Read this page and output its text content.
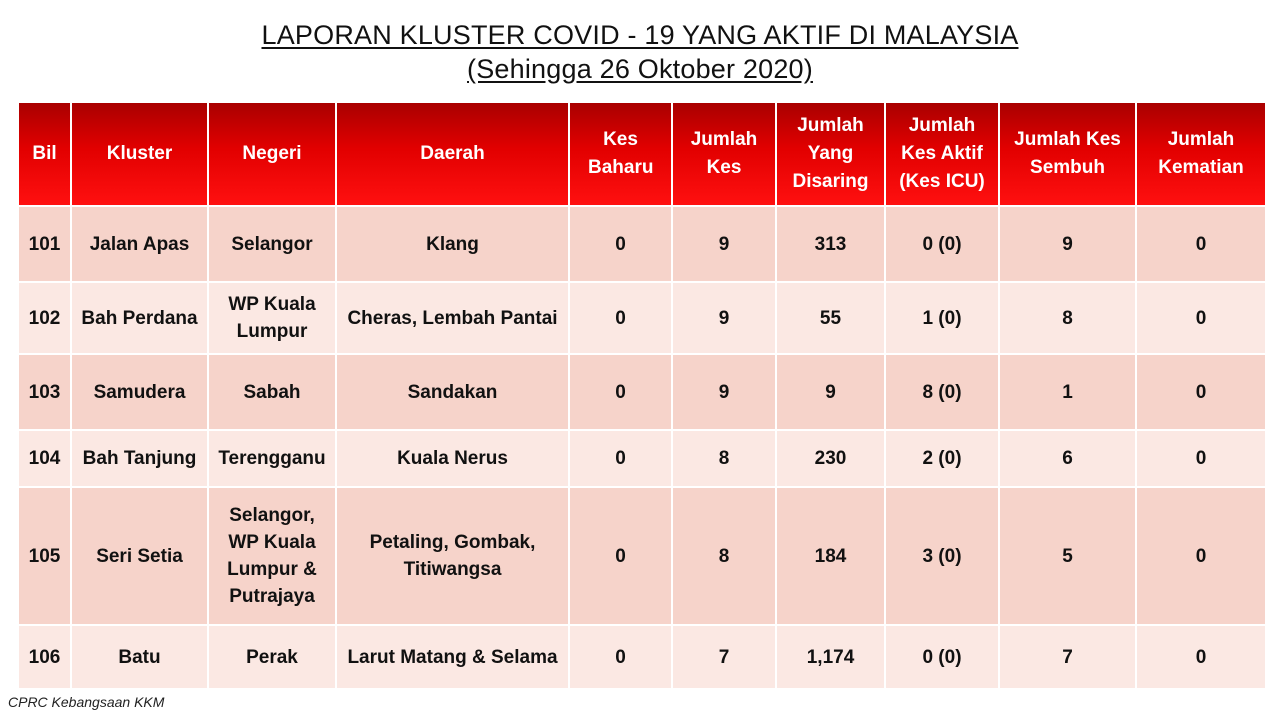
LAPORAN KLUSTER COVID - 19 YANG AKTIF DI MALAYSIA
(Sehingga 26 Oktober 2020)
Bil	Kluster	Negeri	Daerah	Kes Baharu	Jumlah Kes	Jumlah Yang Disaring	Jumlah Kes Aktif (Kes ICU)	Jumlah Kes Sembuh	Jumlah Kematian
101	Jalan Apas	Selangor	Klang	0	9	313	0 (0)	9	0
102	Bah Perdana	WP Kuala Lumpur	Cheras, Lembah Pantai	0	9	55	1 (0)	8	0
103	Samudera	Sabah	Sandakan	0	9	9	8 (0)	1	0
104	Bah Tanjung	Terengganu	Kuala Nerus	0	8	230	2 (0)	6	0
105	Seri Setia	Selangor, WP Kuala Lumpur & Putrajaya	Petaling, Gombak, Titiwangsa	0	8	184	3 (0)	5	0
106	Batu	Perak	Larut Matang & Selama	0	7	1,174	0 (0)	7	0
CPRC Kebangsaan KKM
